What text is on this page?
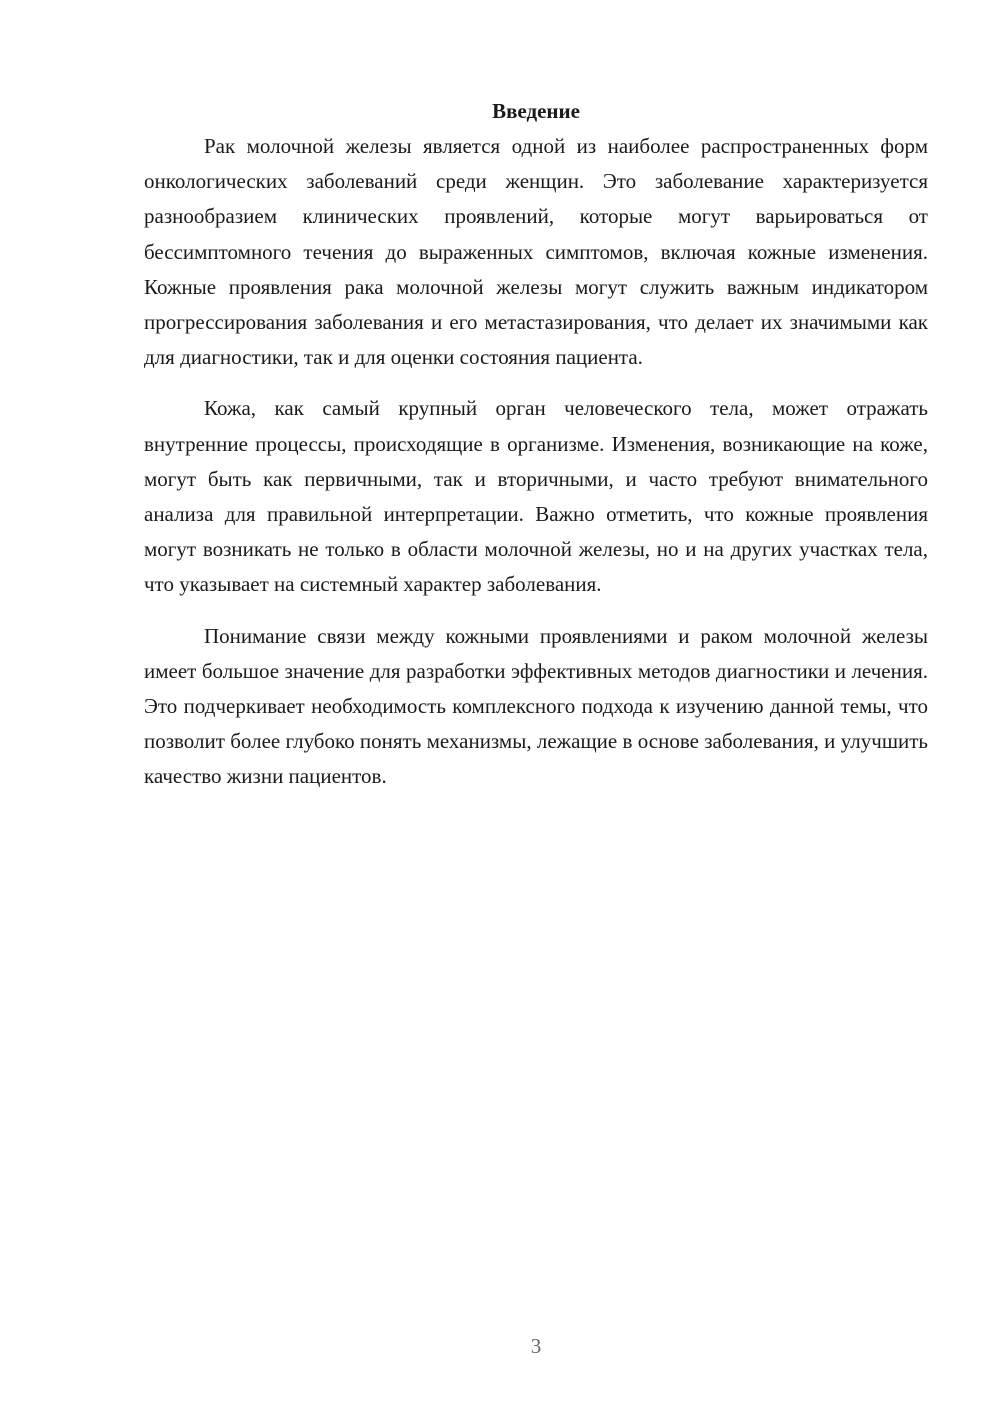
Введение

Рак молочной железы является одной из наиболее распространенных форм онкологических заболеваний среди женщин. Это заболевание характеризуется разнообразием клинических проявлений, которые могут варьироваться от бессимптомного течения до выраженных симптомов, включая кожные изменения. Кожные проявления рака молочной железы могут служить важным индикатором прогрессирования заболевания и его метастазирования, что делает их значимыми как для диагностики, так и для оценки состояния пациента.

Кожа, как самый крупный орган человеческого тела, может отражать внутренние процессы, происходящие в организме. Изменения, возникающие на коже, могут быть как первичными, так и вторичными, и часто требуют внимательного анализа для правильной интерпретации. Важно отметить, что кожные проявления могут возникать не только в области молочной железы, но и на других участках тела, что указывает на системный характер заболевания.

Понимание связи между кожными проявлениями и раком молочной железы имеет большое значение для разработки эффективных методов диагностики и лечения. Это подчеркивает необходимость комплексного подхода к изучению данной темы, что позволит более глубоко понять механизмы, лежащие в основе заболевания, и улучшить качество жизни пациентов.

3
